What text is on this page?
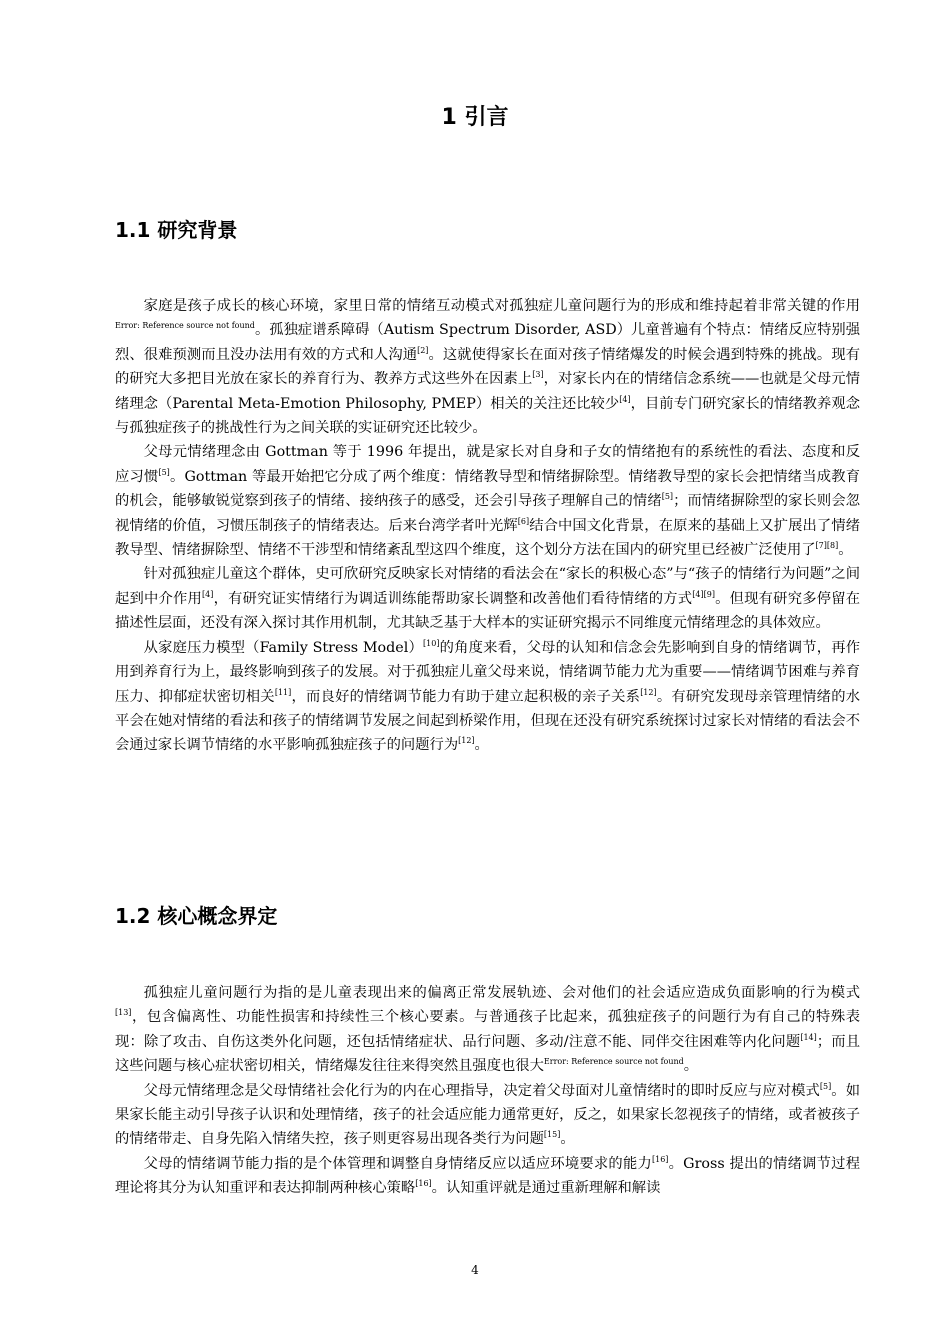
1 引言
1.1 研究背景

家庭是孩子成长的核心环境，家里日常的情绪互动模式对孤独症儿童问题行为的形成和维持起着非常关键的作用$^{Error: Reference source not found}$。孤独症谱系障碍（Autism Spectrum Disorder, ASD）儿童普遍有个特点：情绪反应特别强烈、很难预测而且没办法用有效的方式和人沟通[2]。这就使得家长在面对孩子情绪爆发的时候会遇到特殊的挑战。现有的研究大多把目光放在家长的养育行为、教养方式这些外在因素上[3]，对家长内在的情绪信念系统——也就是父母元情绪理念（Parental Meta-Emotion Philosophy, PMEP）相关的关注还比较少[4]，目前专门研究家长的情绪教养观念与孤独症孩子的挑战性行为之间关联的实证研究还比较少。

父母元情绪理念由 Gottman 等于 1996 年提出，就是家长对自身和子女的情绪抱有的系统性的看法、态度和反应习惯[5]。Gottman 等最开始把它分成了两个维度：情绪教导型和情绪摒除型。情绪教导型的家长会把情绪当成教育的机会，能够敏锐觉察到孩子的情绪、接纳孩子的感受，还会引导孩子理解自己的情绪[5]；而情绪摒除型的家长则会忽视情绪的价值，习惯压制孩子的情绪表达。后来台湾学者叶光辉[6]结合中国文化背景，在原来的基础上又扩展出了情绪教导型、情绪摒除型、情绪不干涉型和情绪紊乱型这四个维度，这个划分方法在国内的研究里已经被广泛使用了[7][8]。

针对孤独症儿童这个群体，史可欣研究反映家长对情绪的看法会在“家长的积极心态”与“孩子的情绪行为问题”之间起到中介作用[4]，有研究证实情绪行为调适训练能帮助家长调整和改善他们看待情绪的方式[4][9]。但现有研究多停留在描述性层面，还没有深入探讨其作用机制，尤其缺乏基于大样本的实证研究揭示不同维度元情绪理念的具体效应。

从家庭压力模型（Family Stress Model）[10]的角度来看，父母的认知和信念会先影响到自身的情绪调节，再作用到养育行为上，最终影响到孩子的发展。对于孤独症儿童父母来说，情绪调节能力尤为重要——情绪调节困难与养育压力、抑郁症状密切相关[11]，而良好的情绪调节能力有助于建立起积极的亲子关系[12]。有研究发现母亲管理情绪的水平会在她对情绪的看法和孩子的情绪调节发展之间起到桥梁作用，但现在还没有研究系统探讨过家长对情绪的看法会不会通过家长调节情绪的水平影响孤独症孩子的问题行为[12]。

1.2 核心概念界定

孤独症儿童问题行为指的是儿童表现出来的偏离正常发展轨迹、会对他们的社会适应造成负面影响的行为模式[13]，包含偏离性、功能性损害和持续性三个核心要素。与普通孩子比起来，孤独症孩子的问题行为有自己的特殊表现：除了攻击、自伤这类外化问题，还包括情绪症状、品行问题、多动/注意不能、同伴交往困难等内化问题[14]；而且这些问题与核心症状密切相关，情绪爆发往往来得突然且强度也很大$^{Error: Reference source not found}$。

父母元情绪理念是父母情绪社会化行为的内在心理指导，决定着父母面对儿童情绪时的即时反应与应对模式[5]。如果家长能主动引导孩子认识和处理情绪，孩子的社会适应能力通常更好，反之，如果家长忽视孩子的情绪，或者被孩子的情绪带走、自身先陷入情绪失控，孩子则更容易出现各类行为问题[15]。

父母的情绪调节能力指的是个体管理和调整自身情绪反应以适应环境要求的能力[16]。Gross 提出的情绪调节过程理论将其分为认知重评和表达抑制两种核心策略[16]。认知重评就是通过重新理解和解读

4
